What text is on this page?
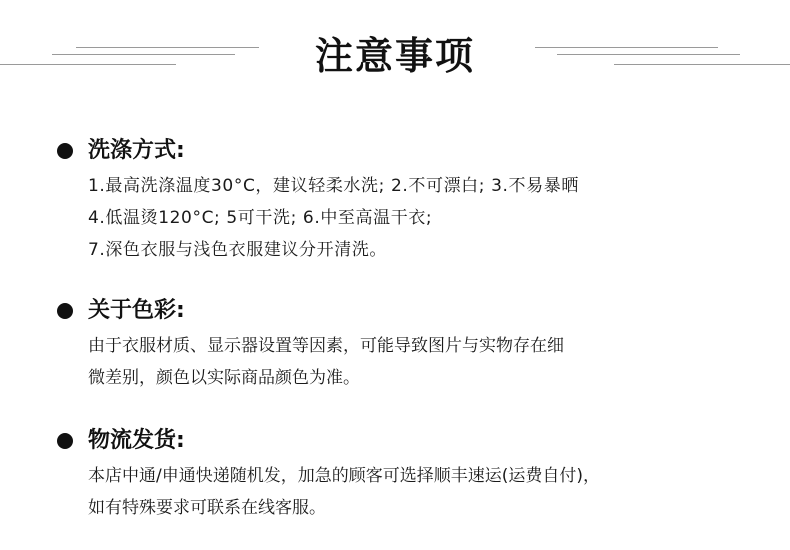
注意事项
洗涤方式:
1.最高洗涤温度30°C，建议轻柔水洗; 2.不可漂白; 3.不易暴晒
4.低温烫120°C; 5可干洗; 6.中至高温干衣;
7.深色衣服与浅色衣服建议分开清洗。
关于色彩:
由于衣服材质、显示器设置等因素，可能导致图片与实物存在细
微差别，颜色以实际商品颜色为准。
物流发货:
本店中通/申通快递随机发，加急的顾客可选择顺丰速运(运费自付)，
如有特殊要求可联系在线客服。
